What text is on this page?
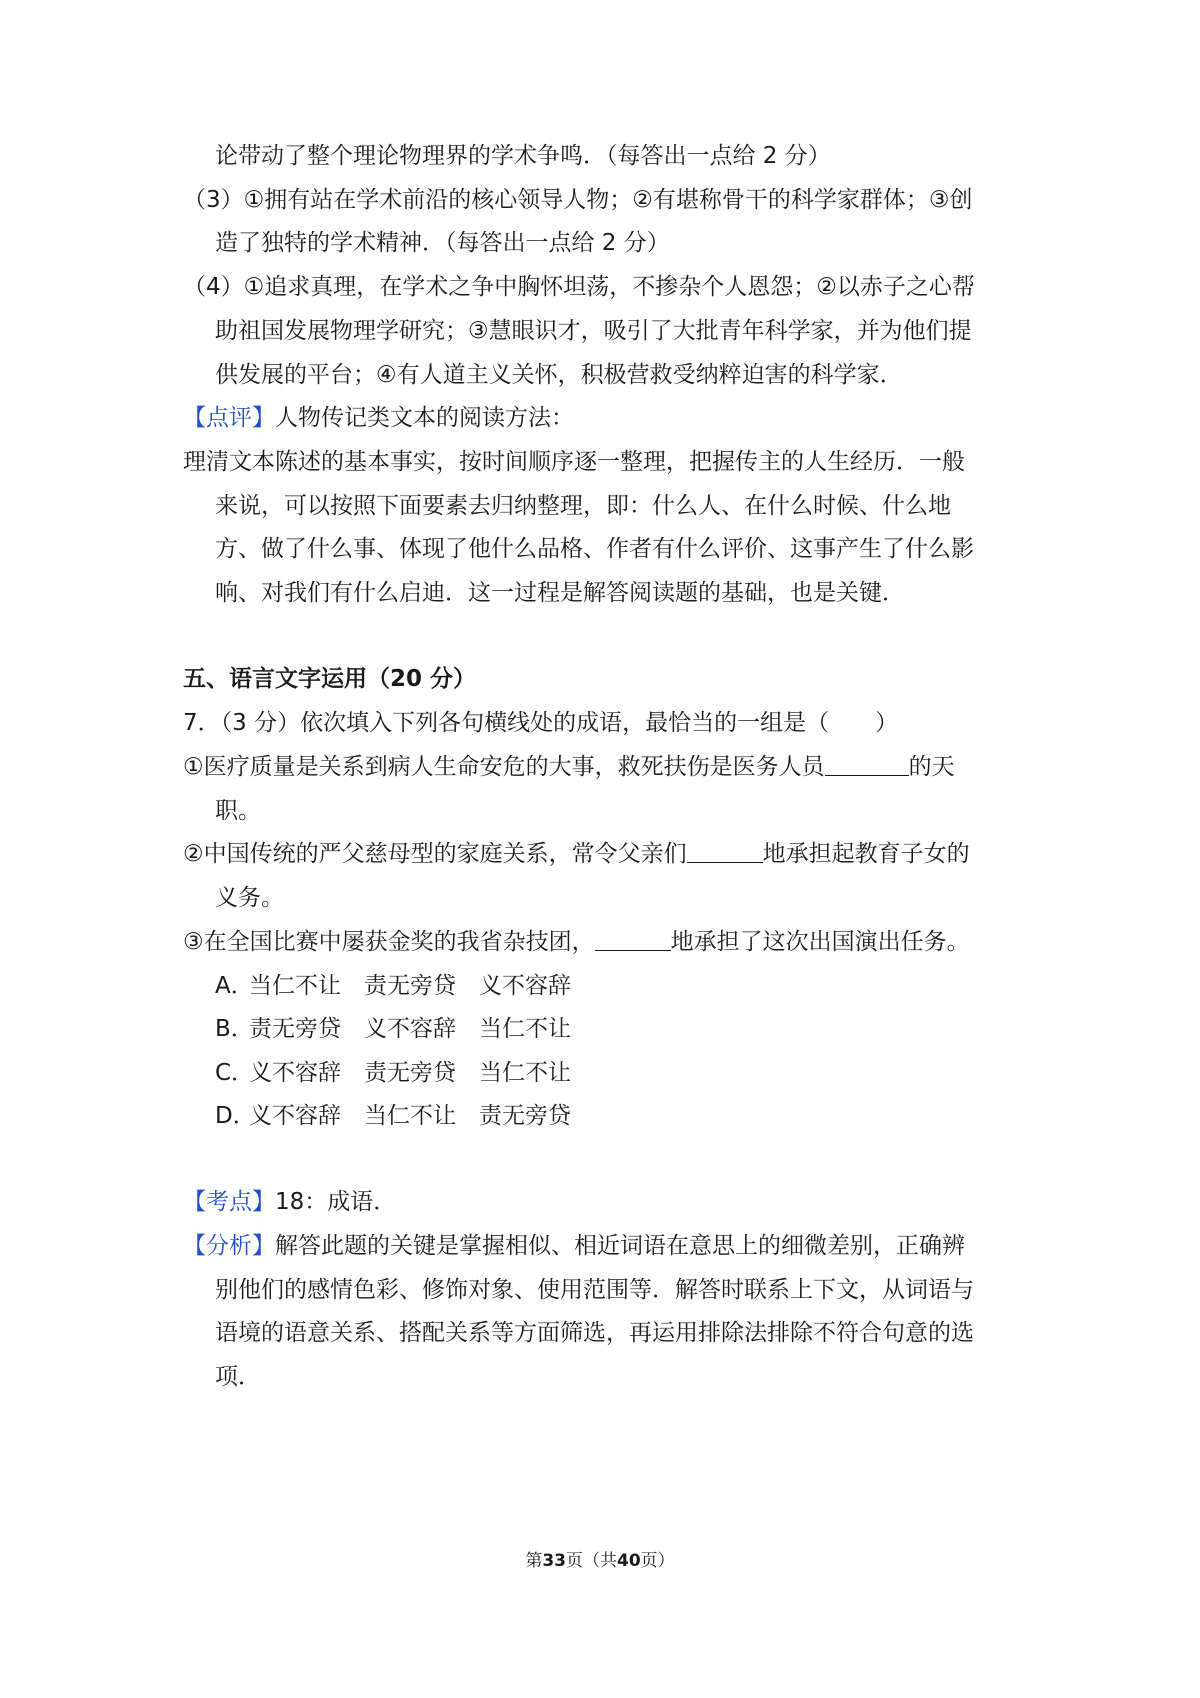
论带动了整个理论物理界的学术争鸣．（每答出一点给 2 分）
（3）①拥有站在学术前沿的核心领导人物；②有堪称骨干的科学家群体；③创
造了独特的学术精神．（每答出一点给 2 分）
（4）①追求真理，在学术之争中胸怀坦荡，不掺杂个人恩怨；②以赤子之心帮
助祖国发展物理学研究；③慧眼识才，吸引了大批青年科学家，并为他们提
供发展的平台；④有人道主义关怀，积极营救受纳粹迫害的科学家．
【点评】人物传记类文本的阅读方法：
理清文本陈述的基本事实，按时间顺序逐一整理，把握传主的人生经历．一般
来说，可以按照下面要素去归纳整理，即：什么人、在什么时候、什么地
方、做了什么事、体现了他什么品格、作者有什么评价、这事产生了什么影
响、对我们有什么启迪．这一过程是解答阅读题的基础，也是关键．
五、语言文字运用（20 分）
7．（3 分）依次填入下列各句横线处的成语，最恰当的一组是（　　）
①医疗质量是关系到病人生命安危的大事，救死扶伤是医务人员	的天
职。
②中国传统的严父慈母型的家庭关系，常令父亲们	地承担起教育子女的
义务。
③在全国比赛中屡获金奖的我省杂技团，	地承担了这次出国演出任务。
A．当仁不让　责无旁贷　义不容辞
B．责无旁贷　义不容辞　当仁不让
C．义不容辞　责无旁贷　当仁不让
D．义不容辞　当仁不让　责无旁贷
【考点】18：成语．
【分析】解答此题的关键是掌握相似、相近词语在意思上的细微差别，正确辨
别他们的感情色彩、修饰对象、使用范围等．解答时联系上下文，从词语与
语境的语意关系、搭配关系等方面筛选，再运用排除法排除不符合句意的选
项．
第33页（共40页）
